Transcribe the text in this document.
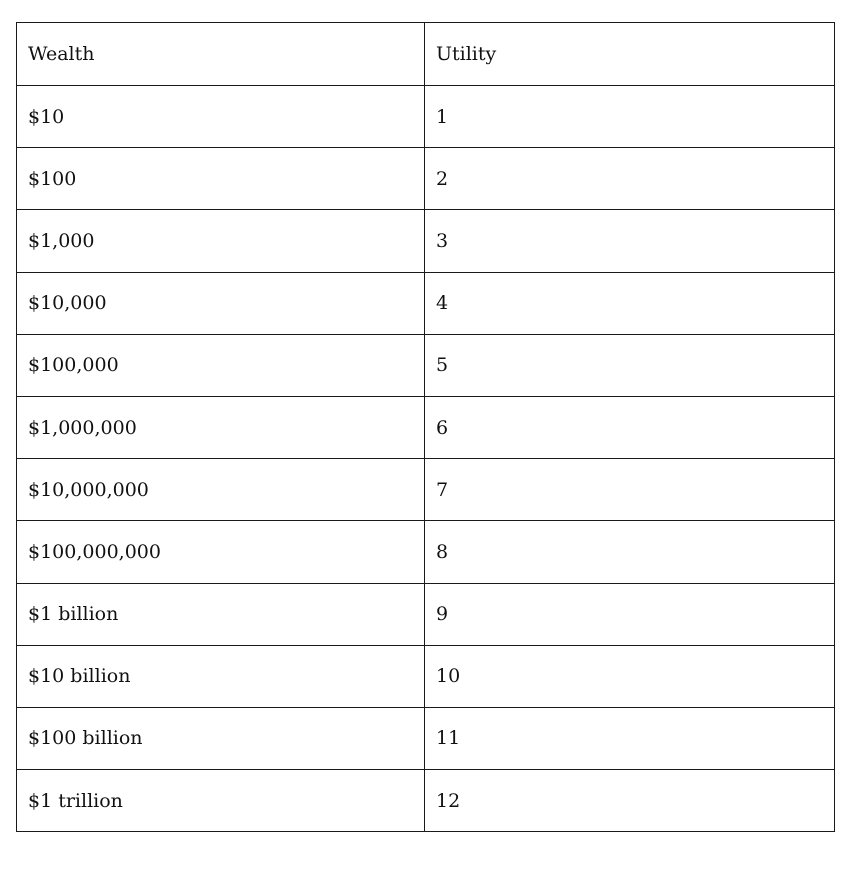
Wealth	Utility
$10	1
$100	2
$1,000	3
$10,000	4
$100,000	5
$1,000,000	6
$10,000,000	7
$100,000,000	8
$1 billion	9
$10 billion	10
$100 billion	11
$1 trillion	12
